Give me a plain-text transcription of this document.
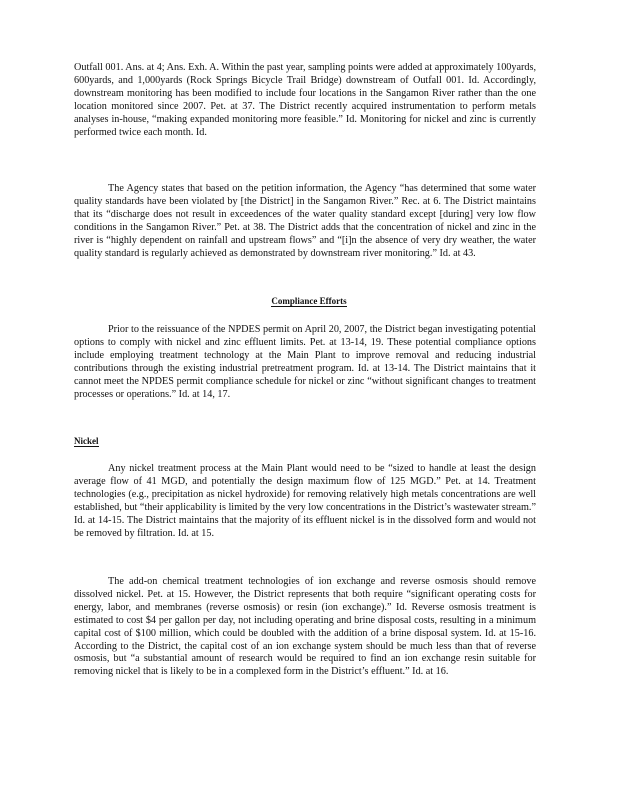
Outfall 001. Ans. at 4; Ans. Exh. A. Within the past year, sampling points were added at approximately 100yards, 600yards, and 1,000yards (Rock Springs Bicycle Trail Bridge) downstream of Outfall 001. Id. Accordingly, downstream monitoring has been modified to include four locations in the Sangamon River rather than the one location monitored since 2007. Pet. at 37. The District recently acquired instrumentation to perform metals analyses in-house, “making expanded monitoring more feasible.” Id. Monitoring for nickel and zinc is currently performed twice each month. Id.

The Agency states that based on the petition information, the Agency “has determined that some water quality standards have been violated by [the District] in the Sangamon River.” Rec. at 6. The District maintains that its “discharge does not result in exceedences of the water quality standard except [during] very low flow conditions in the Sangamon River.” Pet. at 38. The District adds that the concentration of nickel and zinc in the river is “highly dependent on rainfall and upstream flows” and “[i]n the absence of very dry weather, the water quality standard is regularly achieved as demonstrated by downstream river monitoring.” Id. at 43.

Compliance Efforts

Prior to the reissuance of the NPDES permit on April 20, 2007, the District began investigating potential options to comply with nickel and zinc effluent limits. Pet. at 13-14, 19. These potential compliance options include employing treatment technology at the Main Plant to improve removal and reducing industrial contributions through the existing industrial pretreatment program. Id. at 13-14. The District maintains that it cannot meet the NPDES permit compliance schedule for nickel or zinc “without significant changes to treatment processes or operations.” Id. at 14, 17.

Nickel

Any nickel treatment process at the Main Plant would need to be “sized to handle at least the design average flow of 41 MGD, and potentially the design maximum flow of 125 MGD.” Pet. at 14. Treatment technologies (e.g., precipitation as nickel hydroxide) for removing relatively high metals concentrations are well established, but “their applicability is limited by the very low concentrations in the District’s wastewater stream.” Id. at 14-15. The District maintains that the majority of its effluent nickel is in the dissolved form and would not be removed by filtration. Id. at 15.

The add-on chemical treatment technologies of ion exchange and reverse osmosis should remove dissolved nickel. Pet. at 15. However, the District represents that both require “significant operating costs for energy, labor, and membranes (reverse osmosis) or resin (ion exchange).” Id. Reverse osmosis treatment is estimated to cost $4 per gallon per day, not including operating and brine disposal costs, resulting in a minimum capital cost of $100 million, which could be doubled with the addition of a brine disposal system. Id. at 15-16. According to the District, the capital cost of an ion exchange system should be much less than that of reverse osmosis, but “a substantial amount of research would be required to find an ion exchange resin suitable for removing nickel that is likely to be in a complexed form in the District’s effluent.” Id. at 16.
